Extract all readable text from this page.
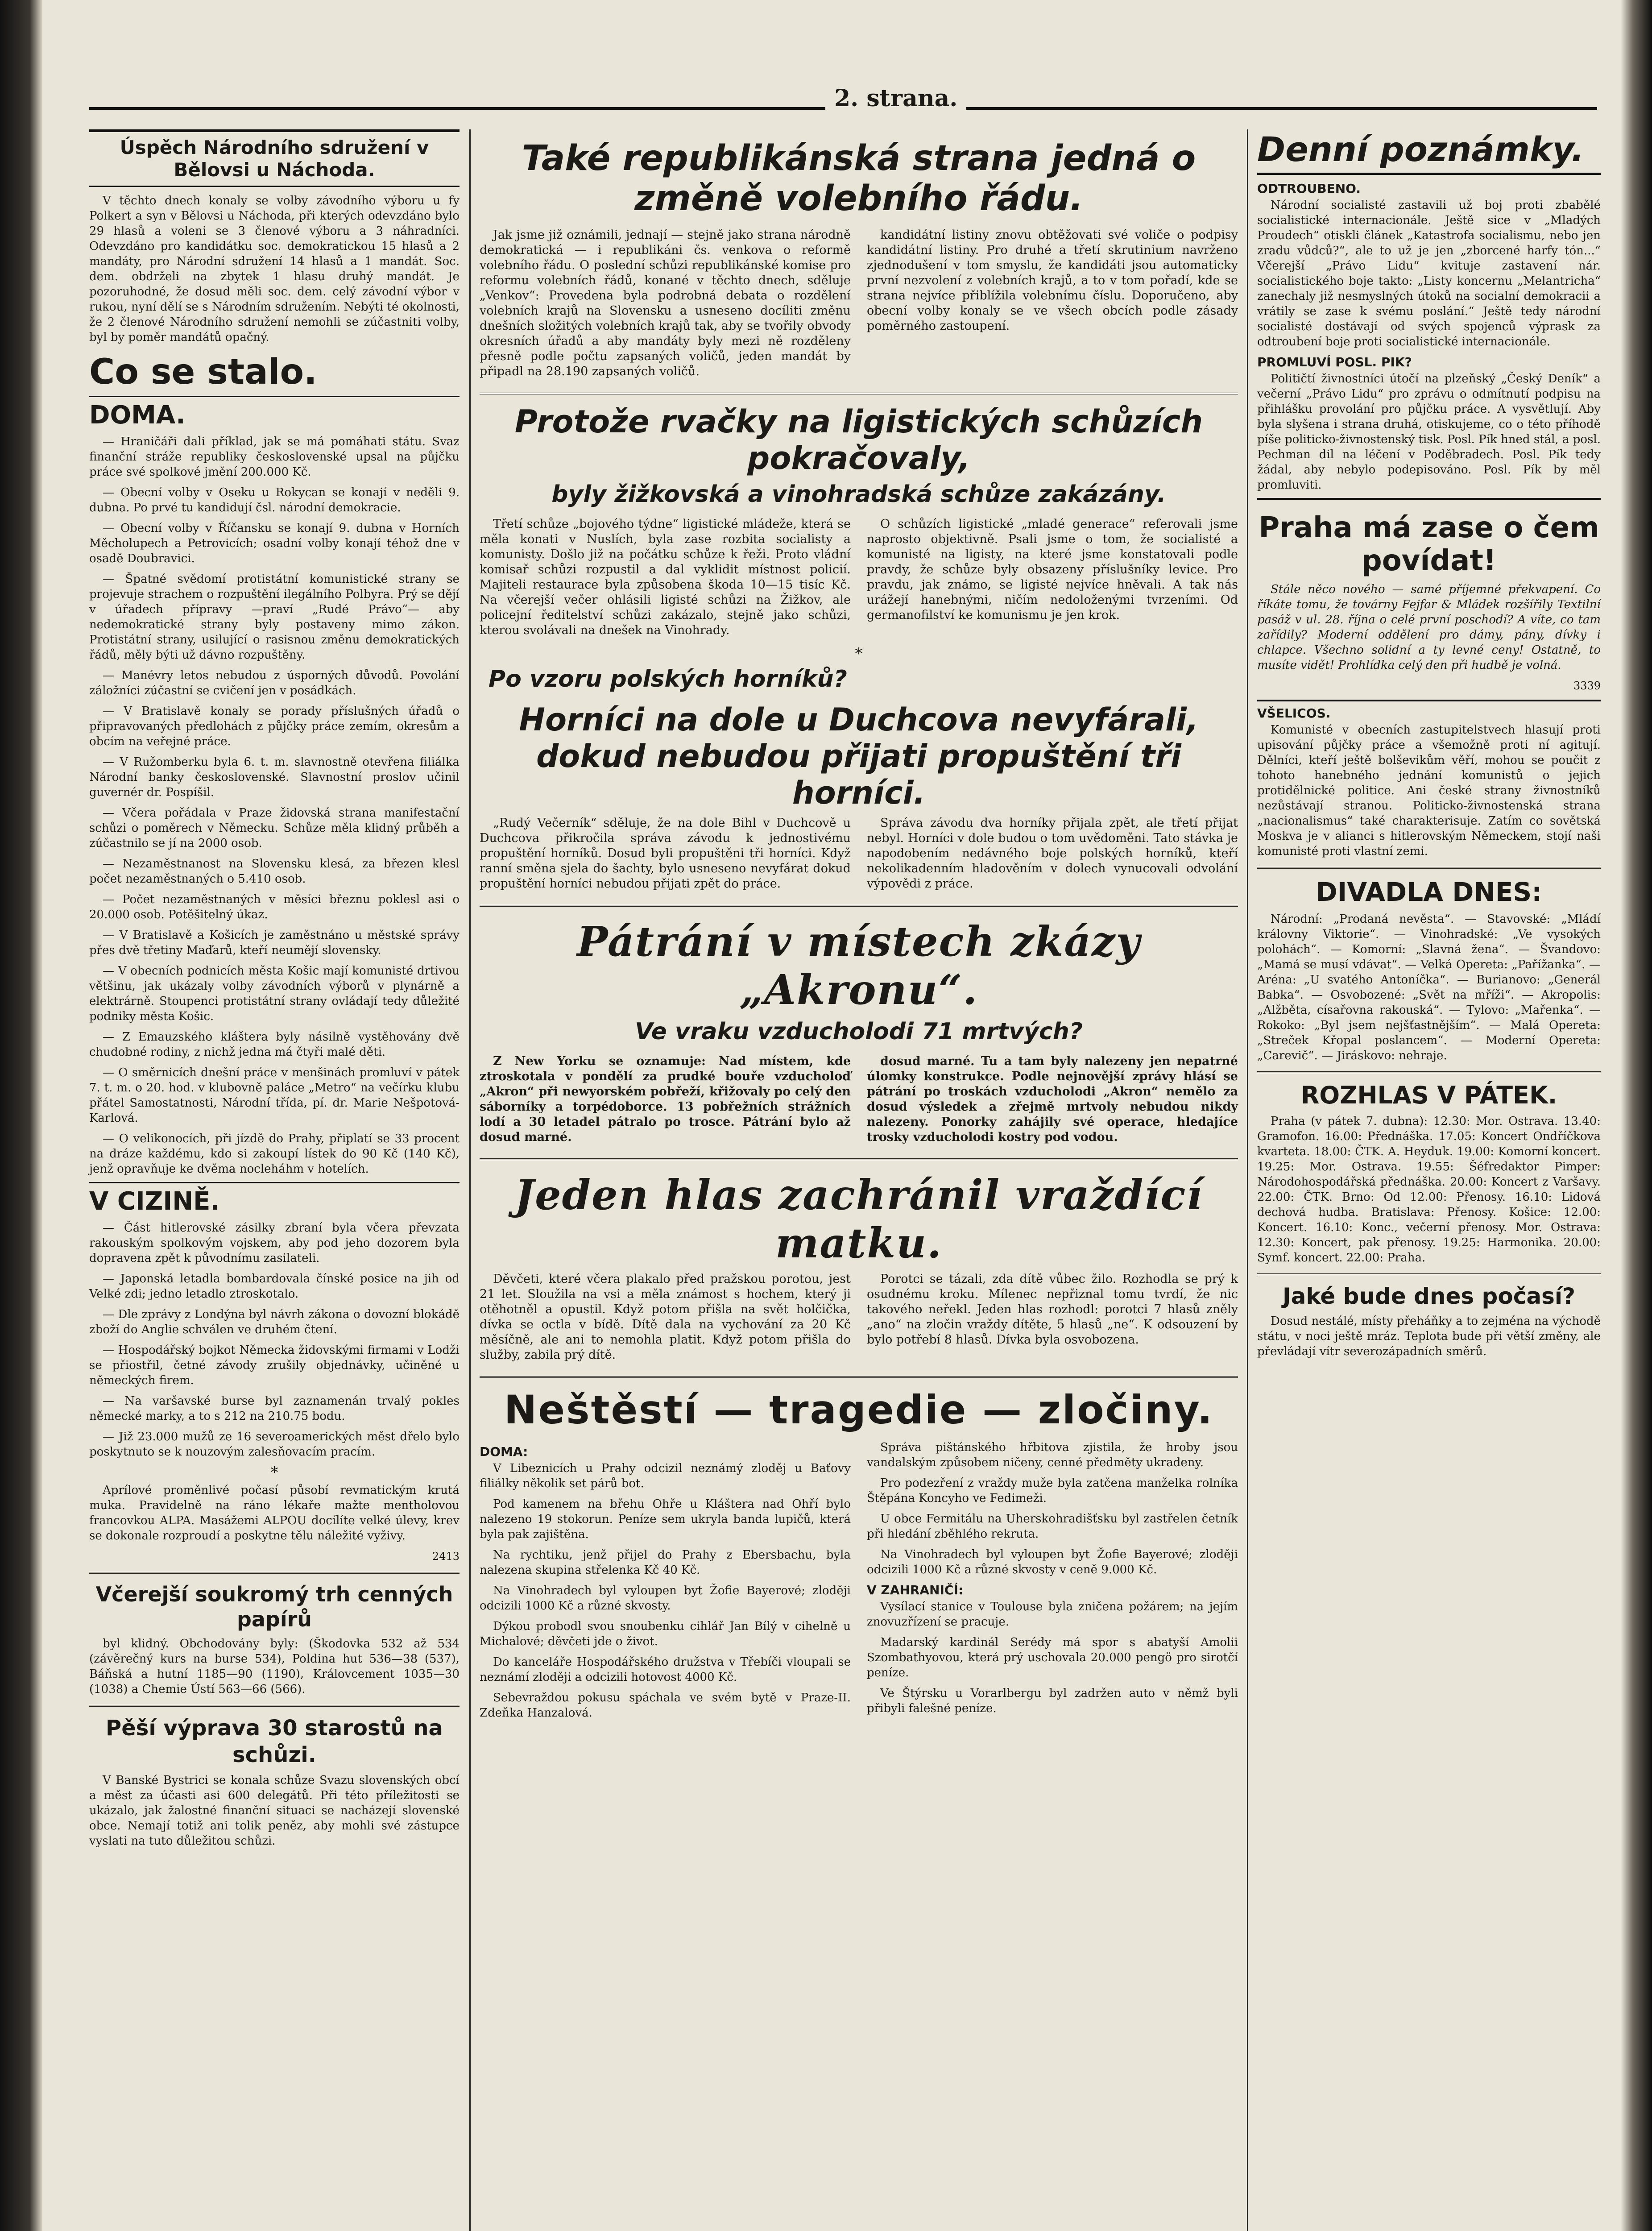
2. strana.
Úspěch Národního sdružení v Bělovsi u Náchoda.

V těchto dnech konaly se volby závodního výboru u fy Polkert a syn v Bělovsi u Náchoda, při kterých odevzdáno bylo 29 hlasů a voleni se 3 členové výboru a 3 náhradníci. Odevzdáno pro kandidátku soc. demokratickou 15 hlasů a 2 mandáty, pro Národní sdružení 14 hlasů a 1 mandát. Soc. dem. obdrželi na zbytek 1 hlasu druhý mandát. Je pozoruhodné, že dosud měli soc. dem. celý závodní výbor v rukou, nyní dělí se s Národním sdružením. Nebýti té okolnosti, že 2 členové Národního sdružení nemohli se zúčastniti volby, byl by poměr mandátů opačný.

Co se stalo.
DOMA.

— Hraničáři dali příklad, jak se má pomáhati státu. Svaz finanční stráže republiky československé upsal na půjčku práce své spolkové jmění 200.000 Kč.

— Obecní volby v Oseku u Rokycan se konají v neděli 9. dubna. Po prvé tu kandidují čsl. národní demokracie.

— Obecní volby v Říčansku se konají 9. dubna v Horních Měcholupech a Petrovicích; osadní volby konají téhož dne v osadě Doubravici.

— Špatné svědomí protistátní komunistické strany se projevuje strachem o rozpuštění ilegálního Polbyra. Prý se dějí v úřadech přípravy —praví „Rudé Právo“— aby nedemokratické strany byly postaveny mimo zákon. Protistátní strany, usilující o rasisnou změnu demokratických řádů, měly býti už dávno rozpuštěny.

— Manévry letos nebudou z úsporných důvodů. Povolání záložníci zúčastní se cvičení jen v posádkách.

— V Bratislavě konaly se porady příslušných úřadů o připravovaných předlohách z půjčky práce zemím, okresům a obcím na veřejné práce.

— V Ružomberku byla 6. t. m. slavnostně otevřena filiálka Národní banky československé. Slavnostní proslov učinil guvernér dr. Pospíšil.

— Včera pořádala v Praze židovská strana manifestační schůzi o poměrech v Německu. Schůze měla klidný průběh a zúčastnilo se jí na 2000 osob.

— Nezaměstnanost na Slovensku klesá, za březen klesl počet nezaměstnaných o 5.410 osob.

— Počet nezaměstnaných v měsíci březnu poklesl asi o 20.000 osob. Potěšitelný úkaz.

— V Bratislavě a Košicích je zaměstnáno u městské správy přes dvě třetiny Maďarů, kteří neumějí slovensky.

— V obecních podnicích města Košic mají komunisté drtivou většinu, jak ukázaly volby závodních výborů v plynárně a elektrárně. Stoupenci protistátní strany ovládají tedy důležité podniky města Košic.

— Z Emauzského kláštera byly násilně vystěhovány dvě chudobné rodiny, z nichž jedna má čtyři malé děti.

— O směrnicích dnešní práce v menšinách promluví v pátek 7. t. m. o 20. hod. v klubovně paláce „Metro“ na večírku klubu přátel Samostatnosti, Národní třída, pí. dr. Marie Nešpotová-Karlová.

— O velikonocích, při jízdě do Prahy, připlatí se 33 procent na dráze každému, kdo si zakoupí lístek do 90 Kč (140 Kč), jenž opravňuje ke dvěma nocleháhm v hotelích.

V CIZINĚ.

— Část hitlerovské zásilky zbraní byla včera převzata rakouským spolkovým vojskem, aby pod jeho dozorem byla dopravena zpět k původnímu zasilateli.

— Japonská letadla bombardovala čínské posice na jih od Velké zdi; jedno letadlo ztroskotalo.

— Dle zprávy z Londýna byl návrh zákona o dovozní blokádě zboží do Anglie schválen ve druhém čtení.

— Hospodářský bojkot Německa židovskými firmami v Lodži se přiostřil, četné závody zrušily objednávky, učiněné u německých firem.

— Na varšavské burse byl zaznamenán trvalý pokles německé marky, a to s 212 na 210.75 bodu.

— Již 23.000 mužů ze 16 severoamerických měst dřelo bylo poskytnuto se k nouzovým zalesňovacím pracím.

*

Aprílové proměnlivé počasí působí revmatickým krutá muka. Pravidelně na ráno lékaře mažte mentholovou francovkou ALPA. Masážemi ALPOU docílíte velké úlevy, krev se dokonale rozproudí a poskytne tělu náležité vyživy.

2413
Včerejší soukromý trh cenných papírů

byl klidný. Obchodovány byly: (Škodovka 532 až 534 (závěrečný kurs na burse 534), Poldina hut 536—38 (537), Báňská a hutní 1185—90 (1190), Královcement 1035—30 (1038) a Chemie Ústí 563—66 (566).

Pěší výprava 30 starostů na schůzi.

V Banské Bystrici se konala schůze Svazu slovenských obcí a měst za účasti asi 600 delegátů. Při této příležitosti se ukázalo, jak žalostné finanční situaci se nacházejí slovenské obce. Nemají totiž ani tolik peněz, aby mohli své zástupce vyslati na tuto důležitou schůzi.

Také republikánská strana jedná o změně volebního řádu.

Jak jsme již oznámili, jednají — stejně jako strana národně demokratická — i republikáni čs. venkova o reformě volebního řádu. O poslední schůzi republikánské komise pro reformu volebních řádů, konané v těchto dnech, sděluje „Venkov“: Provedena byla podrobná debata o rozdělení volebních krajů na Slovensku a usneseno docíliti změnu dnešních složitých volebních krajů tak, aby se tvořily obvody okresních úřadů a aby mandáty byly mezi ně rozděleny přesně podle počtu zapsaných voličů, jeden mandát by připadl na 28.190 zapsaných voličů.

kandidátní listiny znovu obtěžovati své voliče o podpisy kandidátní listiny. Pro druhé a třetí skrutinium navrženo zjednodušení v tom smyslu, že kandidáti jsou automaticky první nezvolení z volebních krajů, a to v tom pořadí, kde se strana nejvíce přiblížila volebnímu číslu. Doporučeno, aby obecní volby konaly se ve všech obcích podle zásady poměrného zastoupení.

Protože rvačky na ligistických schůzích pokračovaly,
byly žižkovská a vinohradská schůze zakázány.

Třetí schůze „bojového týdne“ ligistické mládeže, která se měla konati v Nuslích, byla zase rozbita socialisty a komunisty. Došlo již na počátku schůze k řeži. Proto vládní komisař schůzi rozpustil a dal vyklidit místnost policií. Majiteli restaurace byla způsobena škoda 10—15 tisíc Kč. Na včerejší večer ohlásili ligisté schůzi na Žižkov, ale policejní ředitelství schůzi zakázalo, stejně jako schůzi, kterou svolávali na dnešek na Vinohrady.

O schůzích ligistické „mladé generace“ referovali jsme naprosto objektivně. Psali jsme o tom, že socialisté a komunisté na ligisty, na které jsme konstatovali podle pravdy, že schůze byly obsazeny příslušníky levice. Pro pravdu, jak známo, se ligisté nejvíce hněvali. A tak nás urážejí hanebnými, ničím nedoloženými tvrzeními. Od germanofilství ke komunismu je jen krok.

*
Po vzoru polských horníků?
Horníci na dole u Duchcova nevyfárali, dokud nebudou přijati propuštění tři horníci.

„Rudý Večerník“ sděluje, že na dole Bihl v Duchcově u Duchcova přikročila správa závodu k jednostivému propuštění horníků. Dosud byli propuštěni tři horníci. Když ranní směna sjela do šachty, bylo usneseno nevyfárat dokud propuštění horníci nebudou přijati zpět do práce.

Správa závodu dva horníky přijala zpět, ale třetí přijat nebyl. Horníci v dole budou o tom uvědoměni. Tato stávka je napodobením nedávného boje polských horníků, kteří nekolikadenním hladověním v dolech vynucovali odvolání výpovědi z práce.

Pátrání v místech zkázy „Akronu“.
Ve vraku vzducholodi 71 mrtvých?

Z New Yorku se oznamuje: Nad místem, kde ztroskotala v pondělí za prudké bouře vzducholoď „Akron“ při newyorském pobřeží, křižovaly po celý den sáborníky a torpédoborce. 13 pobřežních strážních lodí a 30 letadel pátralo po trosce. Pátrání bylo až dosud marné.

dosud marné. Tu a tam byly nalezeny jen nepatrné úlomky konstrukce. Podle nejnovější zprávy hlásí se pátrání po troskách vzducholodi „Akron“ nemělo za dosud výsledek a zřejmě mrtvoly nebudou nikdy nalezeny. Ponorky zahájily své operace, hledajíce trosky vzducholodi kostry pod vodou.

Jeden hlas zachránil vraždící matku.

Děvčeti, které včera plakalo před pražskou porotou, jest 21 let. Sloužila na vsi a měla známost s hochem, který ji otěhotněl a opustil. Když potom přišla na svět holčička, dívka se octla v bídě. Dítě dala na vychování za 20 Kč měsíčně, ale ani to nemohla platit. Když potom přišla do služby, zabila prý dítě.

Porotci se tázali, zda dítě vůbec žilo. Rozhodla se prý k osudnému kroku. Mílenec nepřiznal tomu tvrdí, že nic takového neřekl. Jeden hlas rozhodl: porotci 7 hlasů zněly „ano“ na zločin vraždy dítěte, 5 hlasů „ne“. K odsouzení by bylo potřebí 8 hlasů. Dívka byla osvobozena.

Neštěstí — tragedie — zločiny.
DOMA:

V Libeznicích u Prahy odcizil neznámý zloděj u Baťovy filiálky několik set párů bot.

Pod kamenem na břehu Ohře u Kláštera nad Ohří bylo nalezeno 19 stokorun. Peníze sem ukryla banda lupičů, která byla pak zajištěna.

Na rychtiku, jenž přijel do Prahy z Ebersbachu, byla nalezena skupina střelenka Kč 40 Kč.

Na Vinohradech byl vyloupen byt Žofie Bayerové; zloději odcizili 1000 Kč a různé skvosty.

Dýkou probodl svou snoubenku cihlář Jan Bílý v cihelně u Michalové; děvčeti jde o život.

Do kanceláře Hospodářského družstva v Třebíči vloupali se neznámí zloději a odcizili hotovost 4000 Kč.

Sebevraždou pokusu spáchala ve svém bytě v Praze-II. Zdeňka Hanzalová.

Správa pištánského hřbitova zjistila, že hroby jsou vandalským způsobem ničeny, cenné předměty ukradeny.

Pro podezření z vraždy muže byla zatčena manželka rolníka Štěpána Koncyho ve Fedimeži.

U obce Fermitálu na Uherskohradišťsku byl zastřelen četník při hledání zběhlého rekruta.

Na Vinohradech byl vyloupen byt Žofie Bayerové; zloději odcizili 1000 Kč a různé skvosty v ceně 9.000 Kč.

V ZAHRANIČÍ:

Vysílací stanice v Toulouse byla zničena požárem; na jejím znovuzřízení se pracuje.

Madarský kardinál Serédy má spor s abatyší Amolii Szombathyovou, která prý uschovala 20.000 pengö pro sirotčí peníze.

Ve Štýrsku u Vorarlbergu byl zadržen auto v němž byli přibyli falešné peníze.

Denní poznámky.
ODTROUBENO.

Národní socialisté zastavili už boj proti zbabělé socialistické internacionále. Ještě sice v „Mladých Proudech“ otiskli článek „Katastrofa socialismu, nebo jen zradu vůdců?“, ale to už je jen „zborcené harfy tón...“ Včerejší „Právo Lidu“ kvituje zastavení nár. socialistického boje takto: „Listy koncernu „Melantricha“ zanechaly již nesmyslných útoků na socialní demokracii a vrátily se zase k svému poslání.“ Ještě tedy národní socialisté dostávají od svých spojenců výprask za odtroubení boje proti socialistické internacionále.

PROMLUVÍ POSL. PIK?

Političtí živnostníci útočí na plzeňský „Český Deník“ a večerní „Právo Lidu“ pro zprávu o odmítnutí podpisu na přihlášku provolání pro půjčku práce. A vysvětlují. Aby byla slyšena i strana druhá, otiskujeme, co o této příhodě píše politicko-živnostenský tisk. Posl. Pík hned stál, a posl. Pechman dil na léčení v Poděbradech. Posl. Pík tedy žádal, aby nebylo podepisováno. Posl. Pík by měl promluviti.

Praha má zase o čem povídat!

Stále něco nového — samé příjemné překvapení. Co říkáte tomu, že továrny Fejfar & Mládek rozšířily Textilní pasáž v ul. 28. října o celé první poschodí? A víte, co tam zařídily? Moderní oddělení pro dámy, pány, dívky i chlapce. Všechno solidní a ty levné ceny! Ostatně, to musíte vidět! Prohlídka celý den při hudbě je volná.

3339
VŠELICOS.

Komunisté v obecních zastupitelstvech hlasují proti upisování půjčky práce a všemožně proti ní agitují. Dělníci, kteří ještě bolševikům věří, mohou se poučit z tohoto hanebného jednání komunistů o jejich protidělnické politice. Ani české strany živnostníků nezůstávají stranou. Politicko-živnostenská strana „nacionalismus“ také charakterisuje. Zatím co sovětská Moskva je v alianci s hitlerovským Německem, stojí naši komunisté proti vlastní zemi.

DIVADLA DNES:

Národní: „Prodaná nevěsta“. — Stavovské: „Mládí královny Viktorie“. — Vinohradské: „Ve vysokých polohách“. — Komorní: „Slavná žena“. — Švandovo: „Mamá se musí vdávat“. — Velká Opereta: „Pařížanka“. — Aréna: „U svatého Antoníčka“. — Burianovo: „Generál Babka“. — Osvobozené: „Svět na mříži“. — Akropolis: „Alžběta, císařovna rakouská“. — Tylovo: „Mařenka“. — Rokoko: „Byl jsem nejšťastnějším“. — Malá Opereta: „Streček Křopal poslancem“. — Moderní Opereta: „Carevič“. — Jiráskovo: nehraje.

ROZHLAS V PÁTEK.

Praha (v pátek 7. dubna): 12.30: Mor. Ostrava. 13.40: Gramofon. 16.00: Přednáška. 17.05: Koncert Ondříčkova kvarteta. 18.00: ČTK. A. Heyduk. 19.00: Komorní koncert. 19.25: Mor. Ostrava. 19.55: Šéfredaktor Pimper: Národohospodářská přednáška. 20.00: Koncert z Varšavy. 22.00: ČTK. Brno: Od 12.00: Přenosy. 16.10: Lidová dechová hudba. Bratislava: Přenosy. Košice: 12.00: Koncert. 16.10: Konc., večerní přenosy. Mor. Ostrava: 12.30: Koncert, pak přenosy. 19.25: Harmonika. 20.00: Symf. koncert. 22.00: Praha.

Jaké bude dnes počasí?

Dosud nestálé, místy přeháňky a to zejména na východě státu, v noci ještě mráz. Teplota bude při větší změny, ale převládají vítr severozápadních směrů.
